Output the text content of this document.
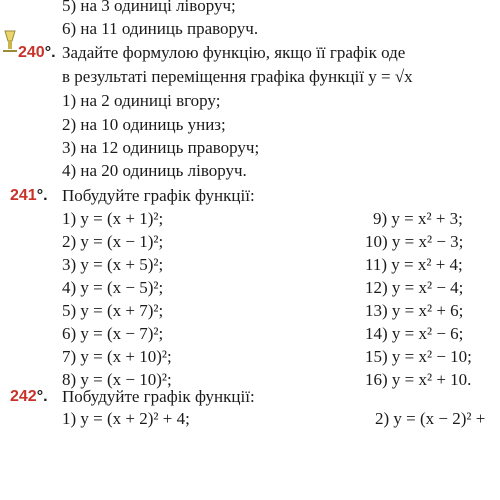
5) на 3 одиниці ліворуч;
6) на 11 одиниць праворуч.
240°. Задайте формулою функцію, якщо її графік оде
в результаті переміщення графіка функції y = √x
1) на 2 одиниці вгору;
2) на 10 одиниць униз;
3) на 12 одиниць праворуч;
4) на 20 одиниць ліворуч.
241°. Побудуйте графік функції:
1) y = (x + 1)²;
2) y = (x − 1)²;
3) y = (x + 5)²;
4) y = (x − 5)²;
5) y = (x + 7)²;
6) y = (x − 7)²;
7) y = (x + 10)²;
8) y = (x − 10)²;
9) y = x² + 3;
10) y = x² − 3;
11) y = x² + 4;
12) y = x² − 4;
13) y = x² + 6;
14) y = x² − 6;
15) y = x² − 10;
16) y = x² + 10.
242°. Побудуйте графік функції:
1) y = (x + 2)² + 4;	2) y = (x − 2)² +
